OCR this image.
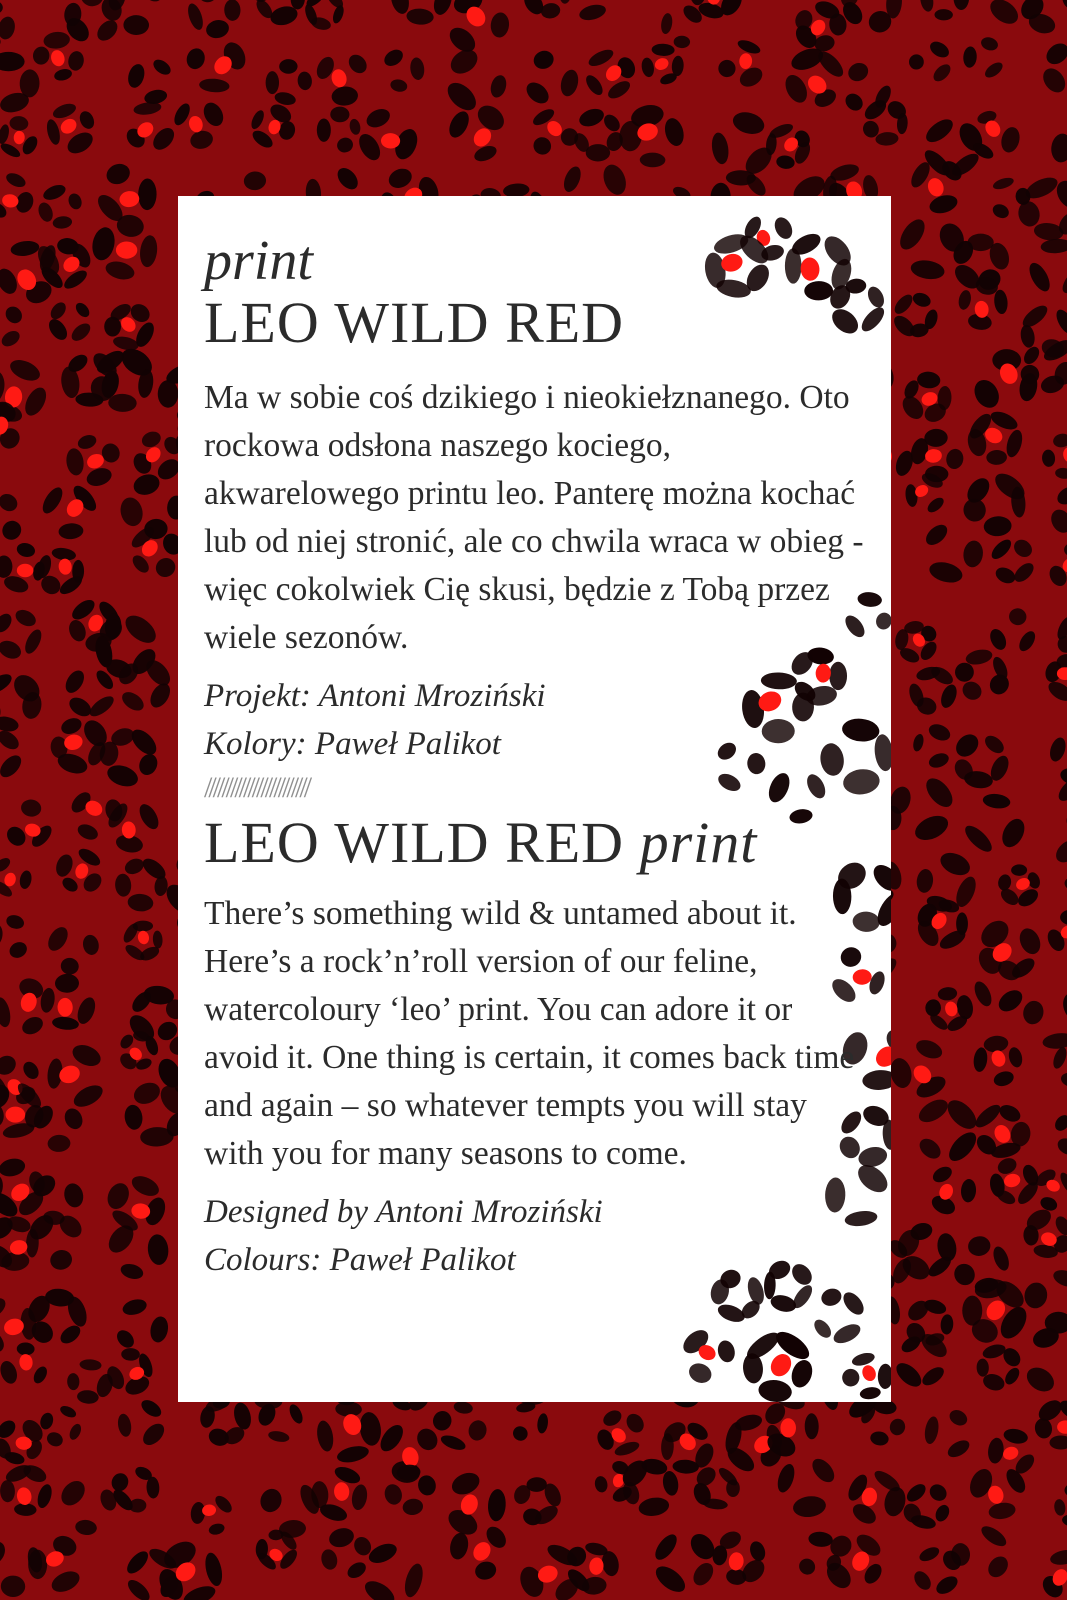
print
LEO WILD RED

Ma w sobie coś dzikiego i nieokiełznanego. Oto rockowa odsłona naszego kociego, akwarelowego printu leo. Panterę można kochać lub od niej stronić, ale co chwila wraca w obieg - więc cokolwiek Cię skusi, będzie z Tobą przez wiele sezonów.

Projekt: Antoni Mroziński
Kolory: Paweł Palikot

////////////////////////
LEO WILD RED print

There’s something wild & untamed about it. Here’s a rock’n’roll version of our feline, watercoloury ‘leo’ print. You can adore it or avoid it. One thing is certain, it comes back time and again – so whatever tempts you will stay with you for many seasons to come.

Designed by Antoni Mroziński
Colours: Paweł Palikot
